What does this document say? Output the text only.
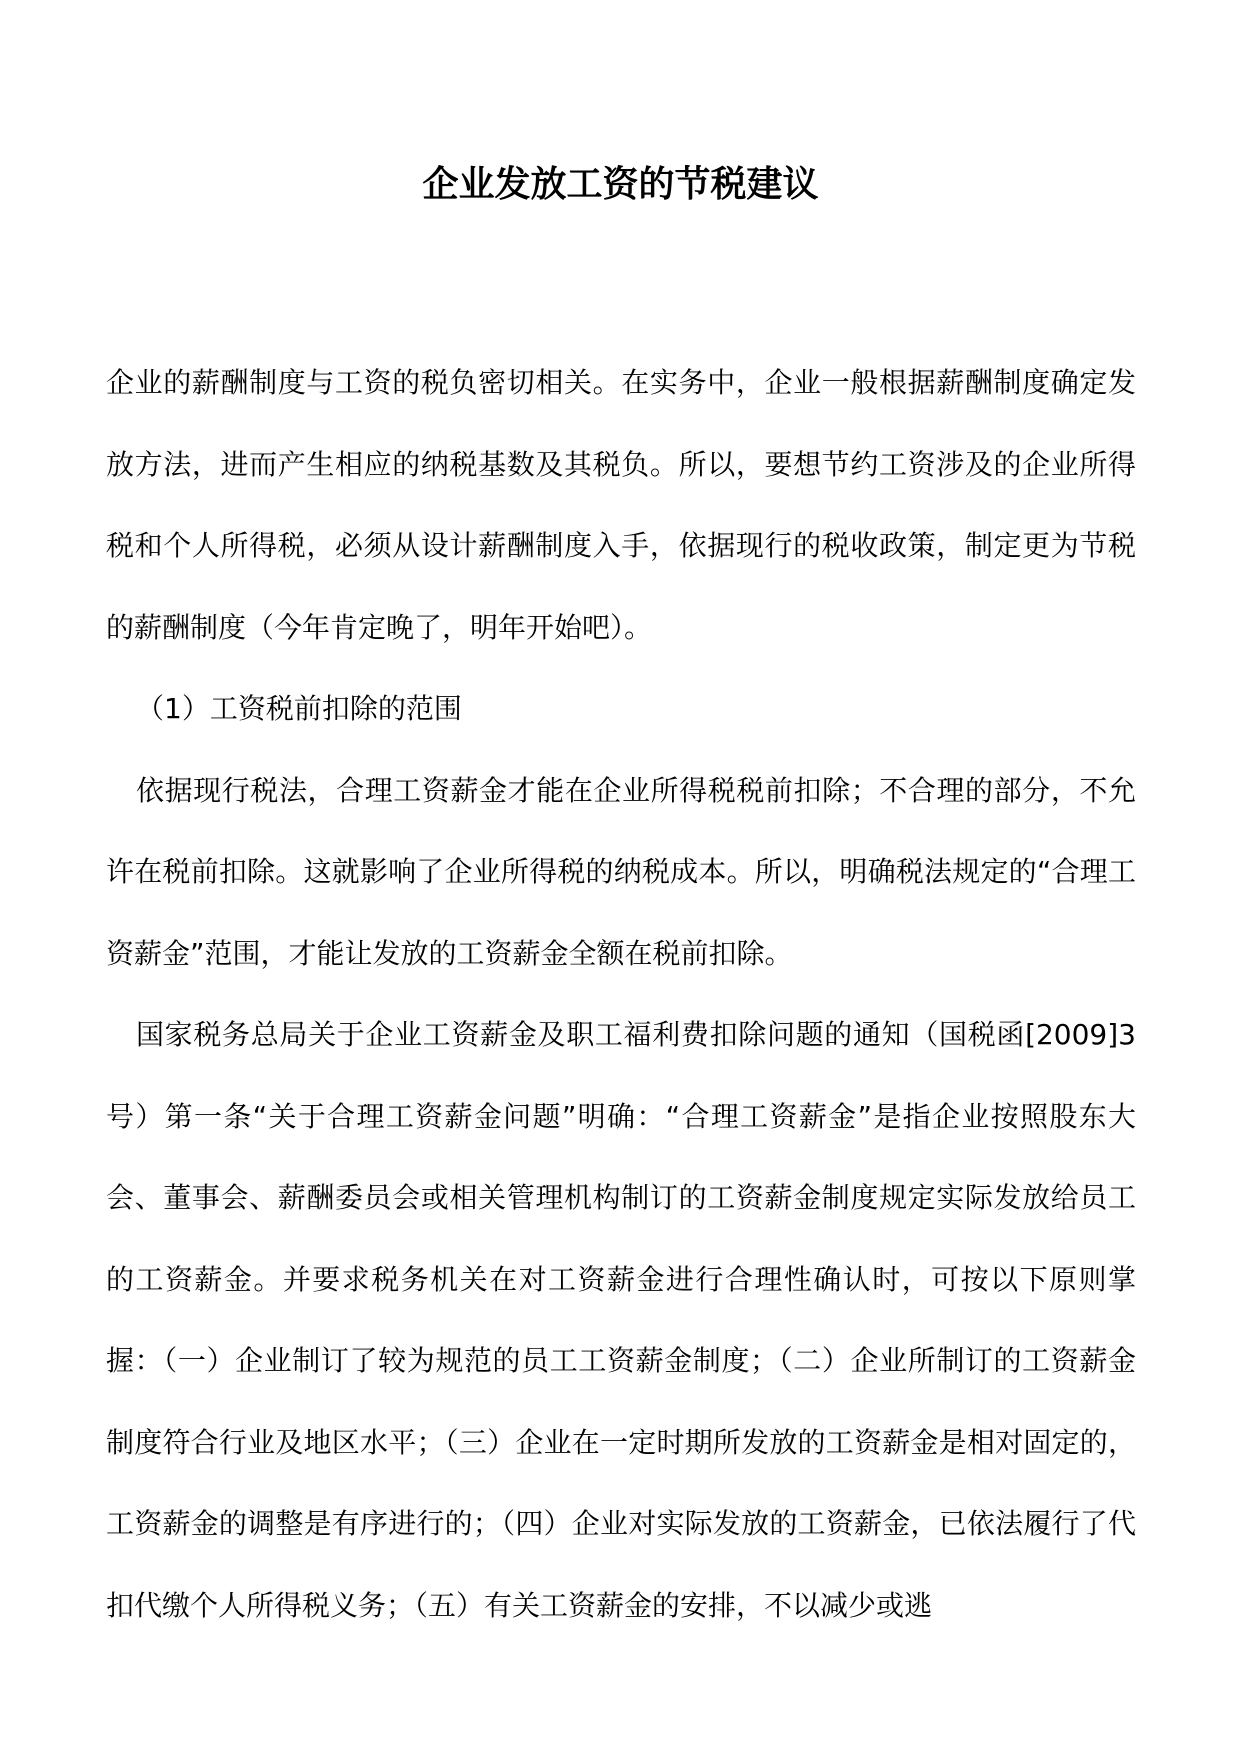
企业发放工资的节税建议

企业的薪酬制度与工资的税负密切相关。在实务中，企业一般根据薪酬制度确定发放方法，进而产生相应的纳税基数及其税负。所以，要想节约工资涉及的企业所得税和个人所得税，必须从设计薪酬制度入手，依据现行的税收政策，制定更为节税的薪酬制度（今年肯定晚了，明年开始吧）。

（1）工资税前扣除的范围

依据现行税法，合理工资薪金才能在企业所得税税前扣除；不合理的部分，不允许在税前扣除。这就影响了企业所得税的纳税成本。所以，明确税法规定的“合理工资薪金”范围，才能让发放的工资薪金全额在税前扣除。

国家税务总局关于企业工资薪金及职工福利费扣除问题的通知（国税函[2009]3号）第一条“关于合理工资薪金问题”明确：“合理工资薪金”是指企业按照股东大会、董事会、薪酬委员会或相关管理机构制订的工资薪金制度规定实际发放给员工的工资薪金。并要求税务机关在对工资薪金进行合理性确认时，可按以下原则掌握：（一）企业制订了较为规范的员工工资薪金制度；（二）企业所制订的工资薪金制度符合行业及地区水平；（三）企业在一定时期所发放的工资薪金是相对固定的，工资薪金的调整是有序进行的；（四）企业对实际发放的工资薪金，已依法履行了代扣代缴个人所得税义务；（五）有关工资薪金的安排，不以减少或逃
